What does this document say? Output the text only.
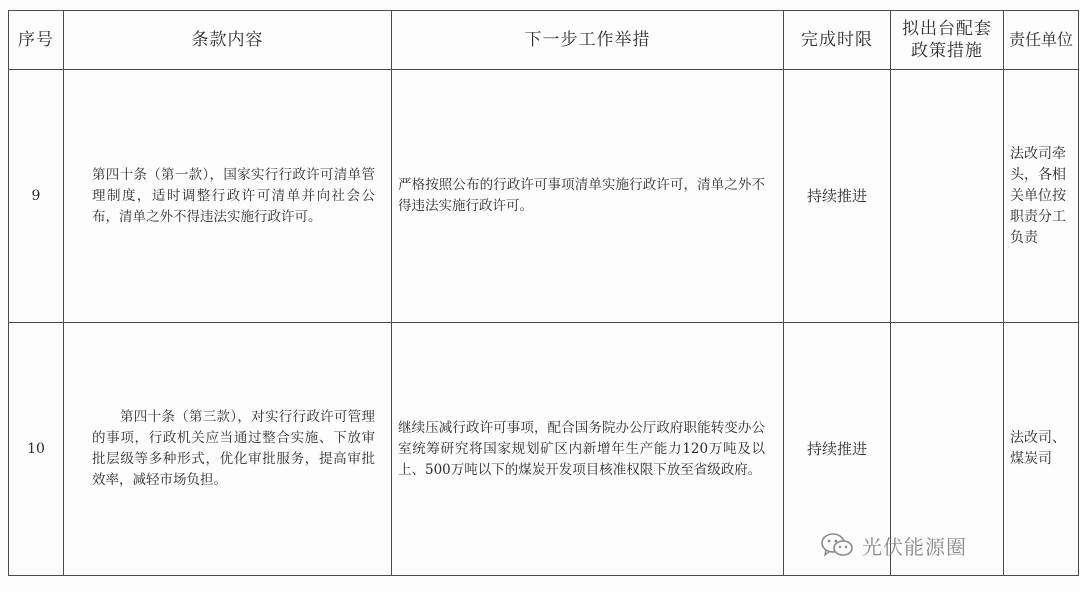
序号	条款内容	下一步工作举措	完成时限	拟出台配套政策措施	责任单位
9	第四十条（第一款），国家实行行政许可清单管理制度，适时调整行政许可清单并向社会公布，清单之外不得违法实施行政许可。	严格按照公布的行政许可事项清单实施行政许可，清单之外不得违法实施行政许可。	持续推进		法改司牵头，各相关单位按职责分工负责
10	第四十条（第三款），对实行行政许可管理的事项，行政机关应当通过整合实施、下放审批层级等多种形式，优化审批服务，提高审批效率，减轻市场负担。	继续压减行政许可事项，配合国务院办公厅政府职能转变办公室统筹研究将国家规划矿区内新增年生产能力120万吨及以上、500万吨以下的煤炭开发项目核准权限下放至省级政府。	持续推进		法改司、煤炭司
光伏能源圈
